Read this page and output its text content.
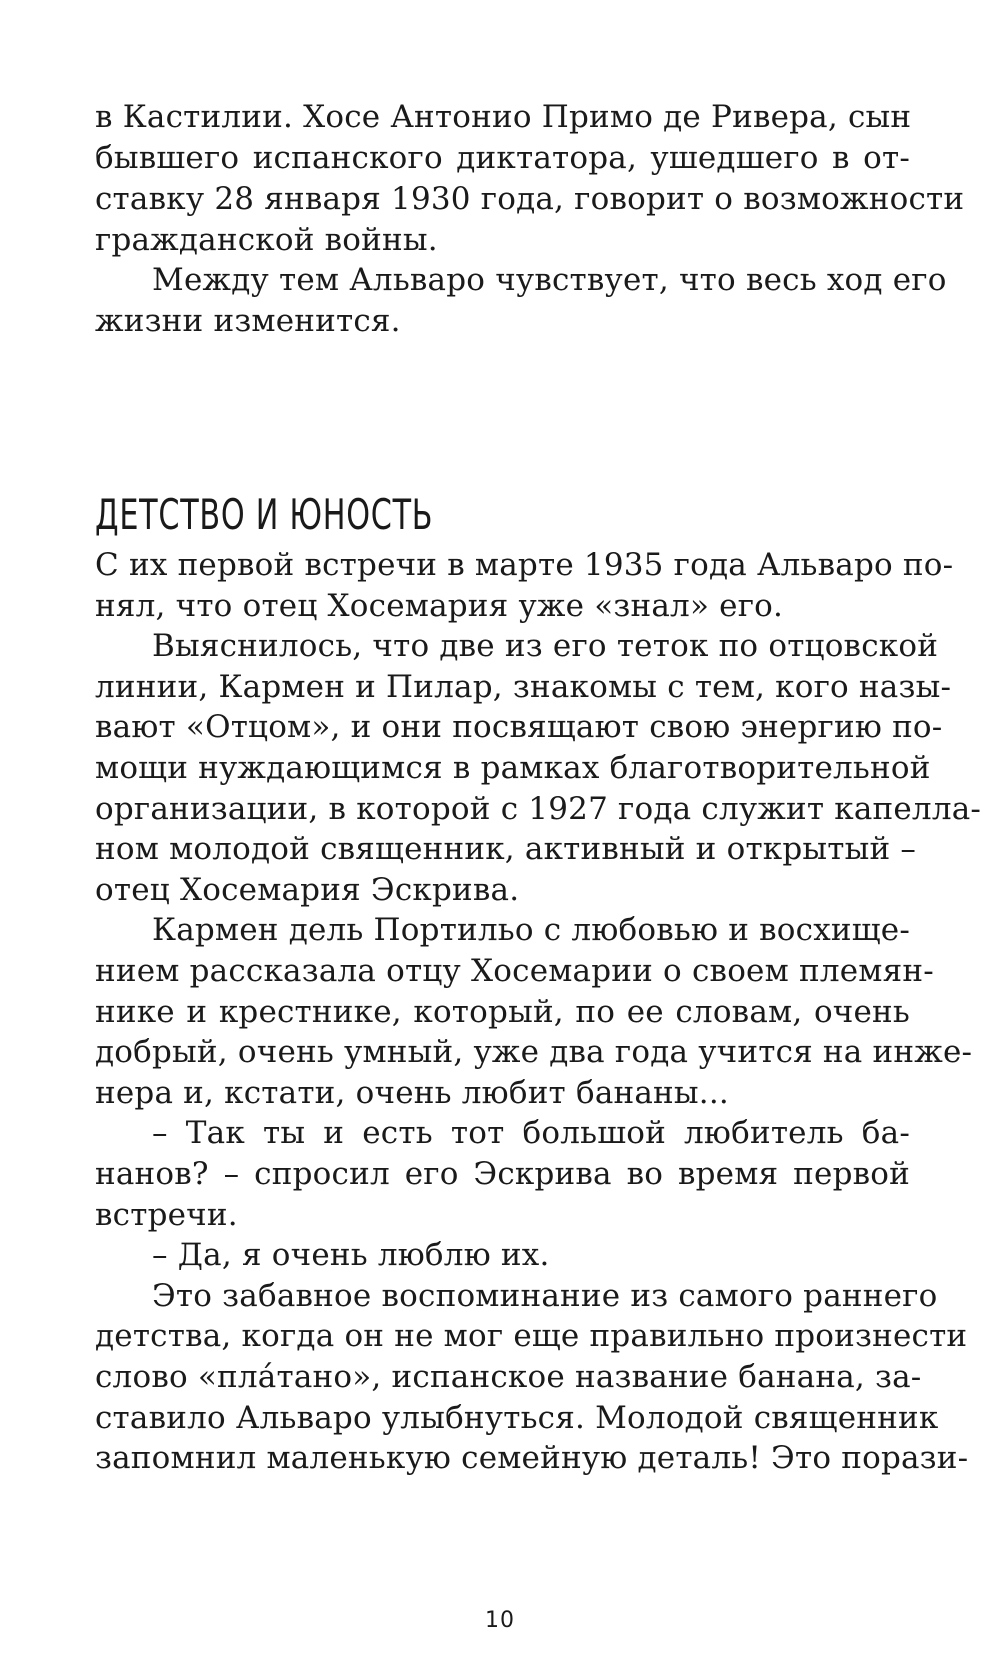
в Кастилии. Хосе Антонио Примо де Ривера, сын
бывшего испанского диктатора, ушедшего в от-
ставку 28 января 1930 года, говорит о возможности
гражданской войны.
Между тем Альваро чувствует, что весь ход его
жизни изменится.
ДЕТСТВО И ЮНОСТЬ
С их первой встречи в марте 1935 года Альваро по-
нял, что отец Хосемария уже «знал» его.
Выяснилось, что две из его теток по отцовской
линии, Кармен и Пилар, знакомы с тем, кого назы-
вают «Отцом», и они посвящают свою энергию по-
мощи нуждающимся в рамках благотворительной
организации, в которой с 1927 года служит капелла-
ном молодой священник, активный и открытый –
отец Хосемария Эскрива.
Кармен дель Портильо с любовью и восхище-
нием рассказала отцу Хосемарии о своем племян-
нике и крестнике, который, по ее словам, очень
добрый, очень умный, уже два года учится на инже-
нера и, кстати, очень любит бананы...
– Так ты и есть тот большой любитель ба-
нанов? – спросил его Эскрива во время первой
встречи.
– Да, я очень люблю их.
Это забавное воспоминание из самого раннего
детства, когда он не мог еще правильно произнести
слово «плáтано», испанское название банана, за-
ставило Альваро улыбнуться. Молодой священник
запомнил маленькую семейную деталь! Это порази-
10
